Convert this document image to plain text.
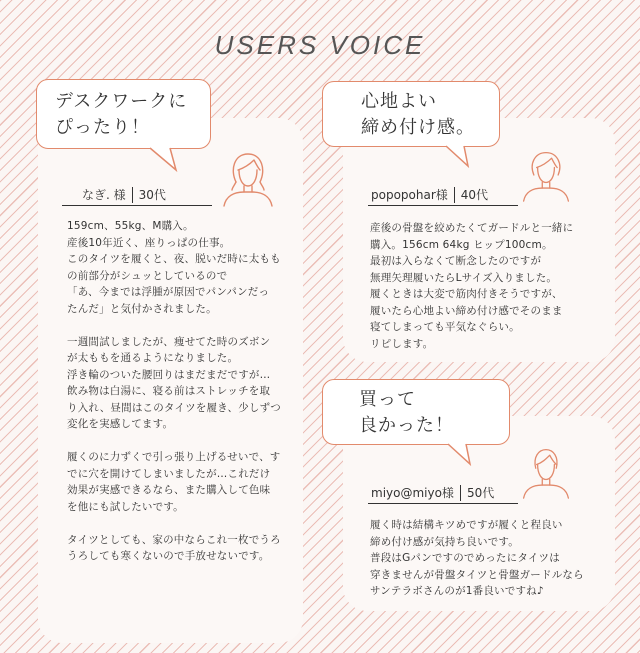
USERS VOICE
デスクワークに
ぴったり！
なぎ. 様 30代

159cm、55kg、M購入。
産後10年近く、座りっぱの仕事。
このタイツを履くと、夜、脱いだ時に太もも
の前部分がシュッとしているので
「あ、今までは浮腫が原因でパンパンだっ
たんだ」と気付かされました。

一週間試しましたが、痩せてた時のズボン
が太ももを通るようになりました。
浮き輪のついた腰回りはまだまだですが…
飲み物は白湯に、寝る前はストレッチを取
り入れ、昼間はこのタイツを履き、少しずつ
変化を実感してます。

履くのに力ずくで引っ張り上げるせいで、す
でに穴を開けてしまいましたが…これだけ
効果が実感できるなら、また購入して色味
を他にも試したいです。

タイツとしても、家の中ならこれ一枚でうろ
うろしても寒くないので手放せないです。

心地よい
締め付け感。
popopohar様 40代

産後の骨盤を絞めたくてガードルと一緒に
購入。156cm 64kg ヒップ100cm。
最初は入らなくて断念したのですが
無理矢理履いたらLサイズ入りました。
履くときは大変で筋肉付きそうですが、
履いたら心地よい締め付け感でそのまま
寝てしまっても平気なぐらい。
リピします。

買って
良かった！
miyo@miyo様 50代

履く時は結構キツめですが履くと程良い
締め付け感が気持ち良いです。
普段はGパンですのでめったにタイツは
穿きませんが骨盤タイツと骨盤ガードルなら
サンテラボさんのが1番良いですね♪
